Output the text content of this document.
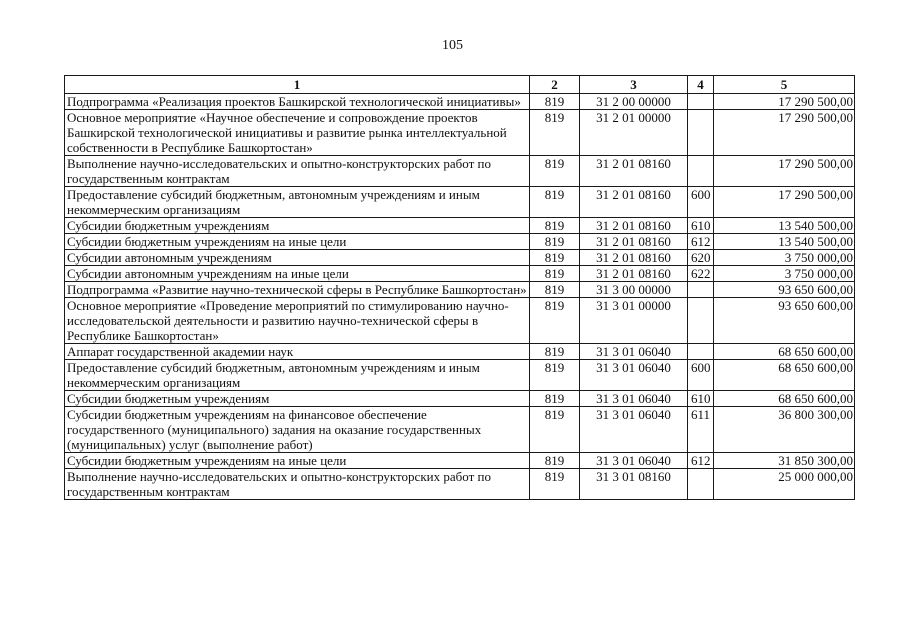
105
1	2	3	4	5
Подпрограмма «Реализация проектов Башкирской технологической инициативы»	819	31 2 00 00000		17 290 500,00
Основное мероприятие «Научное обеспечение и сопровождение проектов Башкирской технологической инициативы и развитие рынка интеллектуальной собственности в Республике Башкортостан»	819	31 2 01 00000		17 290 500,00
Выполнение научно-исследовательских и опытно-конструкторских работ по государственным контрактам	819	31 2 01 08160		17 290 500,00
Предоставление субсидий бюджетным, автономным учреждениям и иным некоммерческим организациям	819	31 2 01 08160	600	17 290 500,00
Субсидии бюджетным учреждениям	819	31 2 01 08160	610	13 540 500,00
Субсидии бюджетным учреждениям на иные цели	819	31 2 01 08160	612	13 540 500,00
Субсидии автономным учреждениям	819	31 2 01 08160	620	3 750 000,00
Субсидии автономным учреждениям на иные цели	819	31 2 01 08160	622	3 750 000,00
Подпрограмма «Развитие научно-технической сферы в Республике Башкортостан»	819	31 3 00 00000		93 650 600,00
Основное мероприятие «Проведение мероприятий по стимулированию научно-исследовательской деятельности и развитию научно-технической сферы в Республике Башкортостан»	819	31 3 01 00000		93 650 600,00
Аппарат государственной академии наук	819	31 3 01 06040		68 650 600,00
Предоставление субсидий бюджетным, автономным учреждениям и иным некоммерческим организациям	819	31 3 01 06040	600	68 650 600,00
Субсидии бюджетным учреждениям	819	31 3 01 06040	610	68 650 600,00
Субсидии бюджетным учреждениям на финансовое обеспечение государственного (муниципального) задания на оказание государственных (муниципальных) услуг (выполнение работ)	819	31 3 01 06040	611	36 800 300,00
Субсидии бюджетным учреждениям на иные цели	819	31 3 01 06040	612	31 850 300,00
Выполнение научно-исследовательских и опытно-конструкторских работ по государственным контрактам	819	31 3 01 08160		25 000 000,00
